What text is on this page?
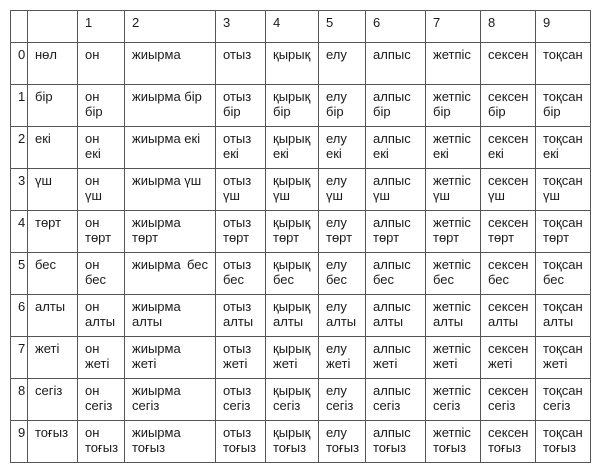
		1	2	3	4	5	6	7	8	9
0	нөл	он	жиырма	отыз	қырық	елу	алпыс	жетпіс	сексен	тоқсан
1	бір	он бір	жиырма бір	отыз бір	қырық бір	елу бір	алпыс бір	жетпіс бір	сексен бір	тоқсан бір
2	екі	он екі	жиырма екі	отыз екі	қырық екі	елу екі	алпыс екі	жетпіс екі	сексен екі	тоқсан екі
3	үш	он үш	жиырма үш	отыз үш	қырық үш	елу үш	алпыс үш	жетпіс үш	сексен үш	тоқсан үш
4	төрт	он төрт	жиырма төрт	отыз төрт	қырық төрт	елу төрт	алпыс төрт	жетпіс төрт	сексен төрт	тоқсан төрт
5	бес	он бес	жиырма бес	отыз бес	қырық бес	елу бес	алпыс бес	жетпіс бес	сексен бес	тоқсан бес
6	алты	он алты	жиырма алты	отыз алты	қырық алты	елу алты	алпыс алты	жетпіс алты	сексен алты	тоқсан алты
7	жеті	он жеті	жиырма жеті	отыз жеті	қырық жеті	елу жеті	алпыс жеті	жетпіс жеті	сексен жеті	тоқсан жеті
8	сегіз	он сегіз	жиырма сегіз	отыз сегіз	қырық сегіз	елу сегіз	алпыс сегіз	жетпіс сегіз	сексен сегіз	тоқсан сегіз
9	тоғыз	он тоғыз	жиырма тоғыз	отыз тоғыз	қырық тоғыз	елу тоғыз	алпыс тоғыз	жетпіс тоғыз	сексен тоғыз	тоқсан тоғыз
